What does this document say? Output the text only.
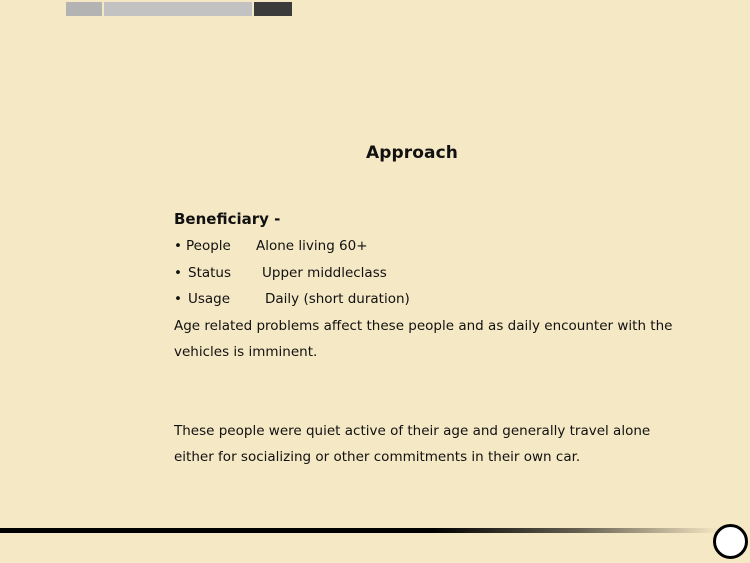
Approach
Beneficiary -
• People	Alone living 60+
• Status	Upper middleclass
• Usage	Daily (short duration)

Age related problems affect these people and as daily encounter with the vehicles is imminent.

These people were quiet active of their age and generally travel alone either for socializing or other commitments in their own car.
